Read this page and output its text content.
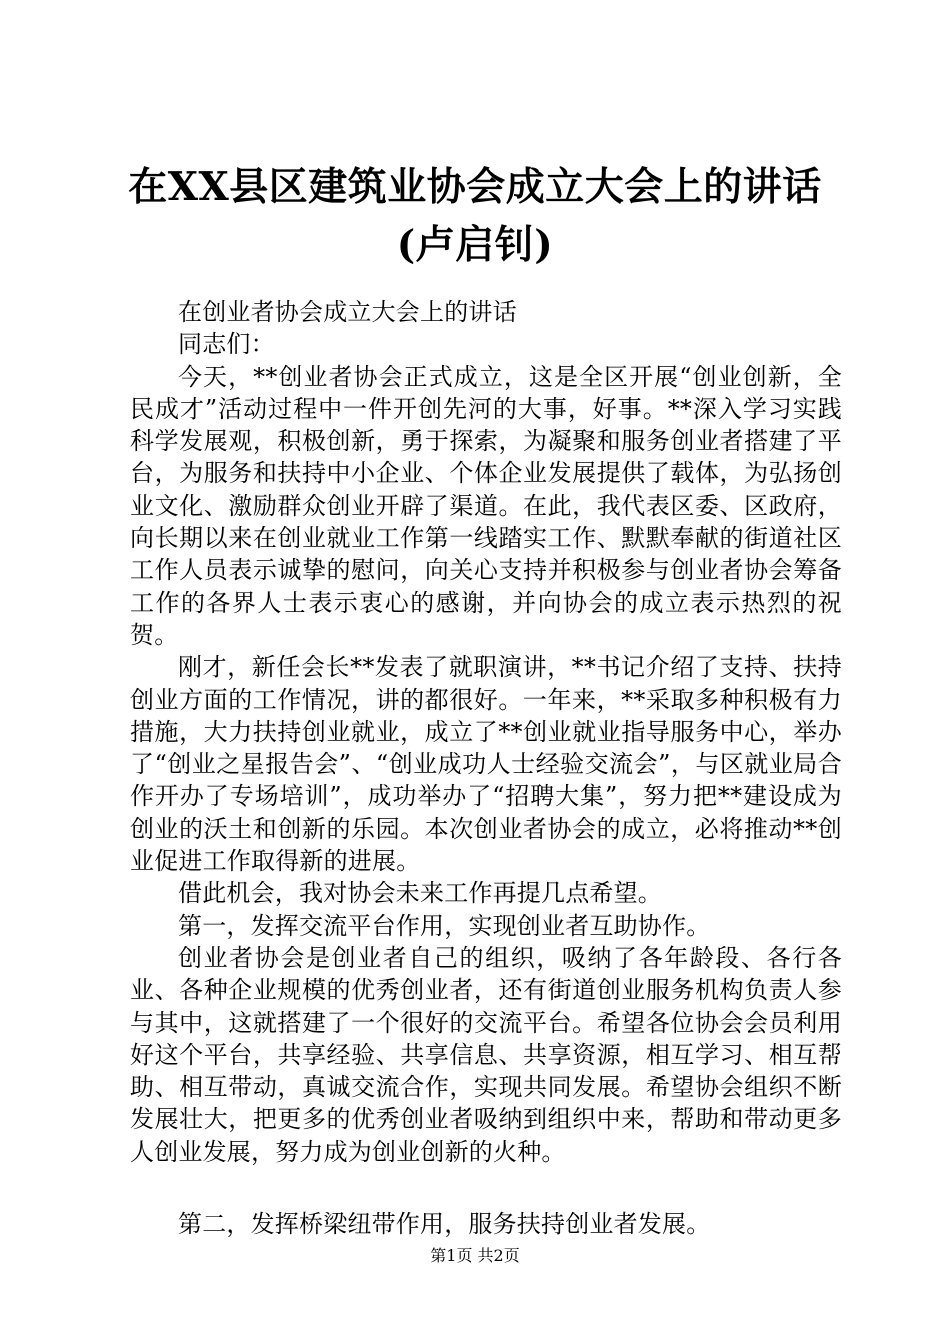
在XX县区建筑业协会成立大会上的讲话(卢启钊)

在创业者协会成立大会上的讲话

同志们：

今天，**创业者协会正式成立，这是全区开展“创业创新，全民成才”活动过程中一件开创先河的大事，好事。**深入学习实践科学发展观，积极创新，勇于探索，为凝聚和服务创业者搭建了平台，为服务和扶持中小企业、个体企业发展提供了载体，为弘扬创业文化、激励群众创业开辟了渠道。在此，我代表区委、区政府，向长期以来在创业就业工作第一线踏实工作、默默奉献的街道社区工作人员表示诚挚的慰问，向关心支持并积极参与创业者协会筹备工作的各界人士表示衷心的感谢，并向协会的成立表示热烈的祝贺。

刚才，新任会长**发表了就职演讲，**书记介绍了支持、扶持创业方面的工作情况，讲的都很好。一年来，**采取多种积极有力措施，大力扶持创业就业，成立了**创业就业指导服务中心，举办了“创业之星报告会”、“创业成功人士经验交流会”，与区就业局合作开办了专场培训”，成功举办了“招聘大集”，努力把**建设成为创业的沃土和创新的乐园。本次创业者协会的成立，必将推动**创业促进工作取得新的进展。

借此机会，我对协会未来工作再提几点希望。

第一，发挥交流平台作用，实现创业者互助协作。

创业者协会是创业者自己的组织，吸纳了各年龄段、各行各业、各种企业规模的优秀创业者，还有街道创业服务机构负责人参与其中，这就搭建了一个很好的交流平台。希望各位协会会员利用好这个平台，共享经验、共享信息、共享资源，相互学习、相互帮助、相互带动，真诚交流合作，实现共同发展。希望协会组织不断发展壮大，把更多的优秀创业者吸纳到组织中来，帮助和带动更多人创业发展，努力成为创业创新的火种。

第二，发挥桥梁纽带作用，服务扶持创业者发展。

第1页 共2页
